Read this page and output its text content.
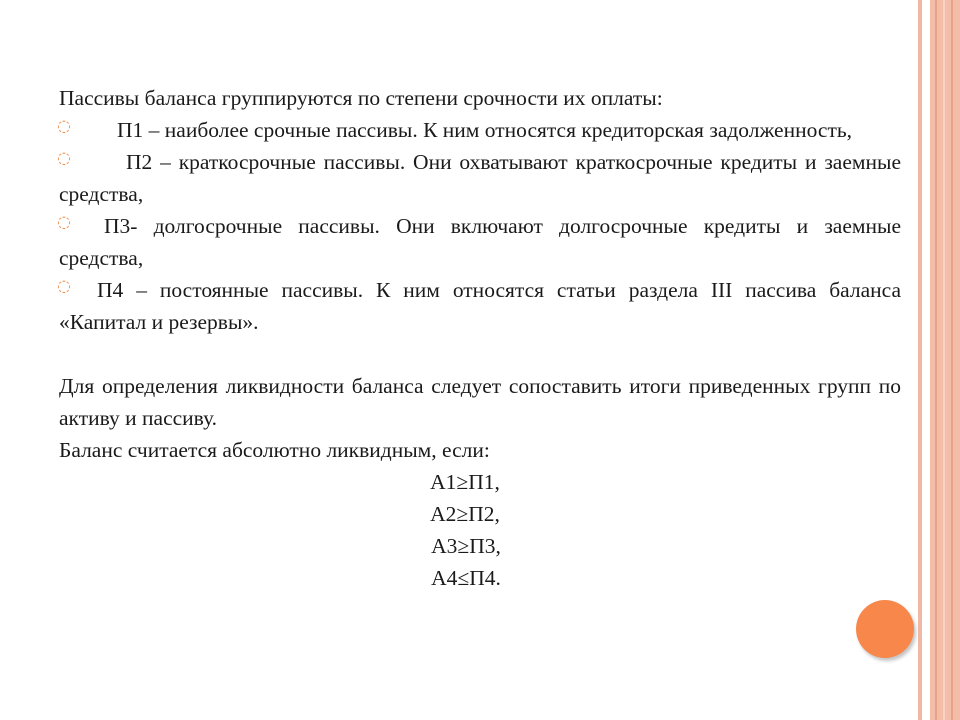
Пассивы баланса группируются по степени срочности их оплаты:

◌	П1 – наиболее срочные пассивы. К ним относятся кредиторская задолженность,
◌	П2 – краткосрочные пассивы. Они охватывают краткосрочные кредиты и заемные средства,
◌	П3- долгосрочные пассивы. Они включают долгосрочные кредиты и заемные средства,
◌	П4 – постоянные пассивы. К ним относятся статьи раздела III пассива баланса «Капитал и резервы».

Для определения ликвидности баланса следует сопоставить итоги приведенных групп по активу и пассиву.

Баланс считается абсолютно ликвидным, если:

А1≥П1,

А2≥П2,

А3≥П3,

А4≤П4.
